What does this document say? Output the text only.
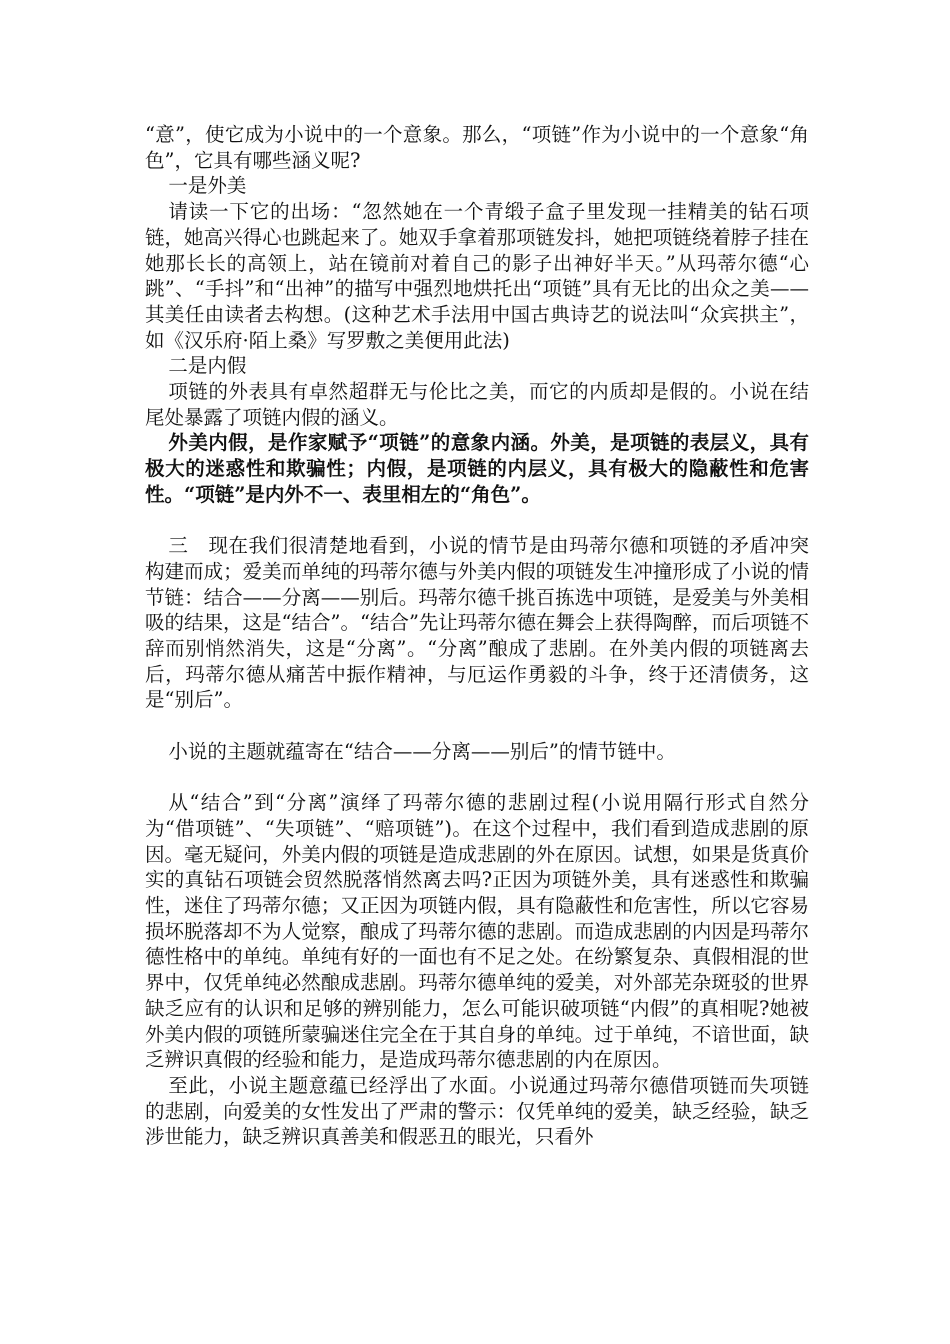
“意”，使它成为小说中的一个意象。那么，“项链”作为小说中的一个意象“角色”，它具有哪些涵义呢?

一是外美

请读一下它的出场：“忽然她在一个青缎子盒子里发现一挂精美的钻石项链，她高兴得心也跳起来了。她双手拿着那项链发抖，她把项链绕着脖子挂在她那长长的高领上，站在镜前对着自己的影子出神好半天。”从玛蒂尔德“心跳”、“手抖”和“出神”的描写中强烈地烘托出“项链”具有无比的出众之美——其美任由读者去构想。(这种艺术手法用中国古典诗艺的说法叫“众宾拱主”，如《汉乐府·陌上桑》写罗敷之美便用此法)

二是内假

项链的外表具有卓然超群无与伦比之美，而它的内质却是假的。小说在结尾处暴露了项链内假的涵义。

外美内假，是作家赋予“项链”的意象内涵。外美，是项链的表层义，具有极大的迷惑性和欺骗性；内假，是项链的内层义，具有极大的隐蔽性和危害性。“项链”是内外不一、表里相左的“角色”。

三　现在我们很清楚地看到，小说的情节是由玛蒂尔德和项链的矛盾冲突构建而成；爱美而单纯的玛蒂尔德与外美内假的项链发生冲撞形成了小说的情节链：结合——分离——别后。玛蒂尔德千挑百拣选中项链，是爱美与外美相吸的结果，这是“结合”。“结合”先让玛蒂尔德在舞会上获得陶醉，而后项链不辞而别悄然消失，这是“分离”。“分离”酿成了悲剧。在外美内假的项链离去后，玛蒂尔德从痛苦中振作精神，与厄运作勇毅的斗争，终于还清债务，这是“别后”。

小说的主题就蕴寄在“结合——分离——别后”的情节链中。

从“结合”到“分离”演绎了玛蒂尔德的悲剧过程(小说用隔行形式自然分为“借项链”、“失项链”、“赔项链”)。在这个过程中，我们看到造成悲剧的原因。毫无疑问，外美内假的项链是造成悲剧的外在原因。试想，如果是货真价实的真钻石项链会贸然脱落悄然离去吗?正因为项链外美，具有迷惑性和欺骗性，迷住了玛蒂尔德；又正因为项链内假，具有隐蔽性和危害性，所以它容易损坏脱落却不为人觉察，酿成了玛蒂尔德的悲剧。而造成悲剧的内因是玛蒂尔德性格中的单纯。单纯有好的一面也有不足之处。在纷繁复杂、真假相混的世界中，仅凭单纯必然酿成悲剧。玛蒂尔德单纯的爱美，对外部芜杂斑驳的世界缺乏应有的认识和足够的辨别能力，怎么可能识破项链“内假”的真相呢?她被外美内假的项链所蒙骗迷住完全在于其自身的单纯。过于单纯，不谙世面，缺乏辨识真假的经验和能力，是造成玛蒂尔德悲剧的内在原因。

至此，小说主题意蕴已经浮出了水面。小说通过玛蒂尔德借项链而失项链的悲剧，向爱美的女性发出了严肃的警示：仅凭单纯的爱美，缺乏经验，缺乏涉世能力，缺乏辨识真善美和假恶丑的眼光，只看外
